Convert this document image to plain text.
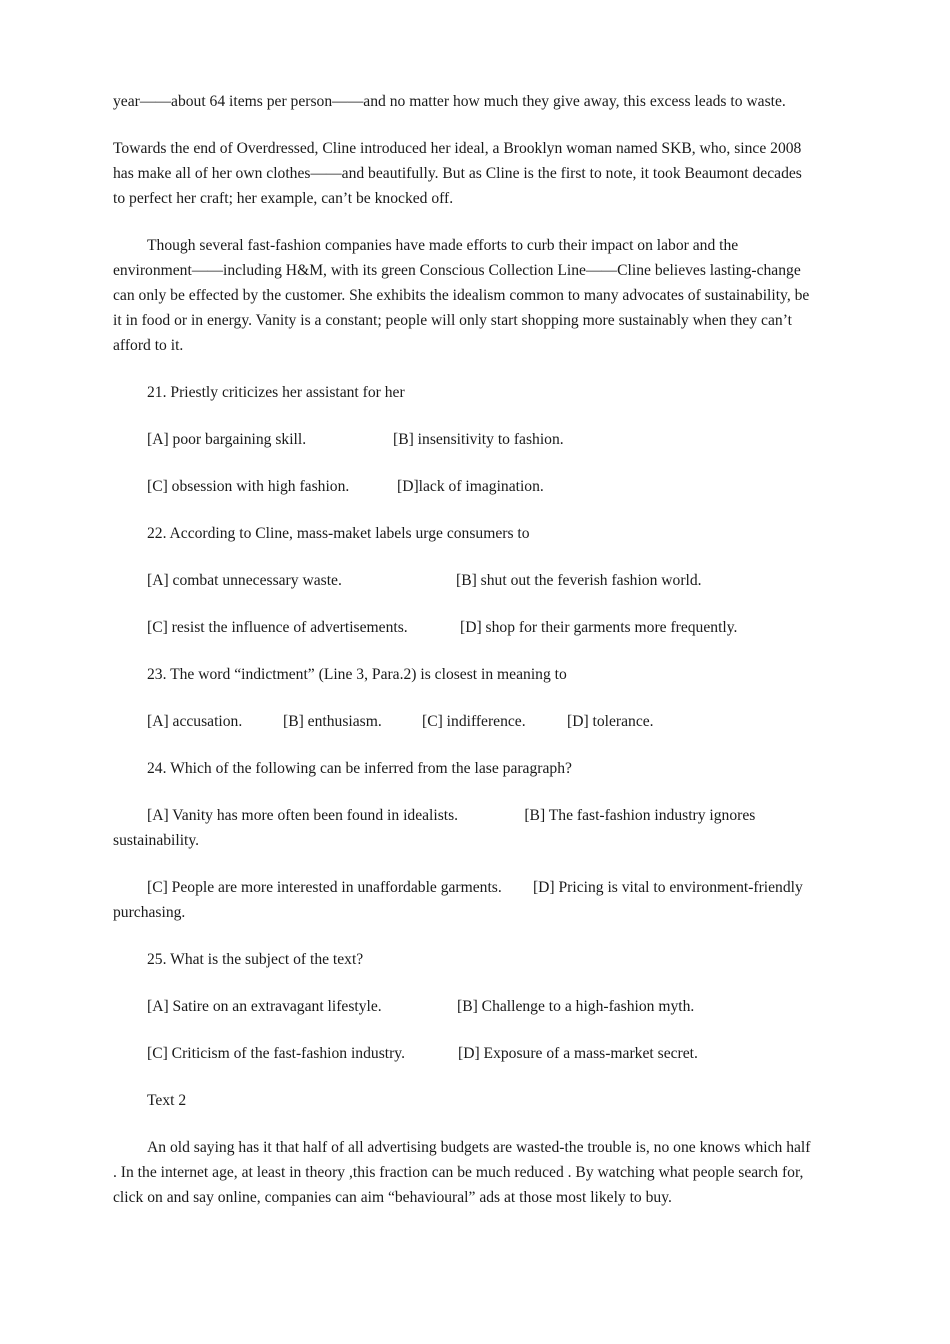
year——about 64 items per person——and no matter how much they give away, this excess leads to waste.

Towards the end of Overdressed, Cline introduced her ideal, a Brooklyn woman named SKB, who, since 2008 has make all of her own clothes——and beautifully. But as Cline is the first to note, it took Beaumont decades to perfect her craft; her example, can’t be knocked off.

Though several fast-fashion companies have made efforts to curb their impact on labor and the environment——including H&M, with its green Conscious Collection Line——Cline believes lasting-change can only be effected by the customer. She exhibits the idealism common to many advocates of sustainability, be it in food or in energy. Vanity is a constant; people will only start shopping more sustainably when they can’t afford to it.

21. Priestly criticizes her assistant for her
[A] poor bargaining skill.	[B] insensitivity to fashion.
[C] obsession with high fashion.	[D]lack of imagination.
22. According to Cline, mass-maket labels urge consumers to
[A] combat unnecessary waste.	[B] shut out the feverish fashion world.
[C] resist the influence of advertisements.	[D] shop for their garments more frequently.
23. The word “indictment” (Line 3, Para.2) is closest in meaning to
[A] accusation.	[B] enthusiasm.	[C] indifference.	[D] tolerance.
24. Which of the following can be inferred from the lase paragraph?

[A] Vanity has more often been found in idealists.                 [B] The fast-fashion industry ignores sustainability.

[C] People are more interested in unaffordable garments.        [D] Pricing is vital to environment-friendly purchasing.

25. What is the subject of the text?
[A] Satire on an extravagant lifestyle.	[B] Challenge to a high-fashion myth.
[C] Criticism of the fast-fashion industry.	[D] Exposure of a mass-market secret.
Text 2

An old saying has it that half of all advertising budgets are wasted-the trouble is, no one knows which half . In the internet age, at least in theory ,this fraction can be much reduced . By watching what people search for, click on and say online, companies can aim “behavioural” ads at those most likely to buy.
